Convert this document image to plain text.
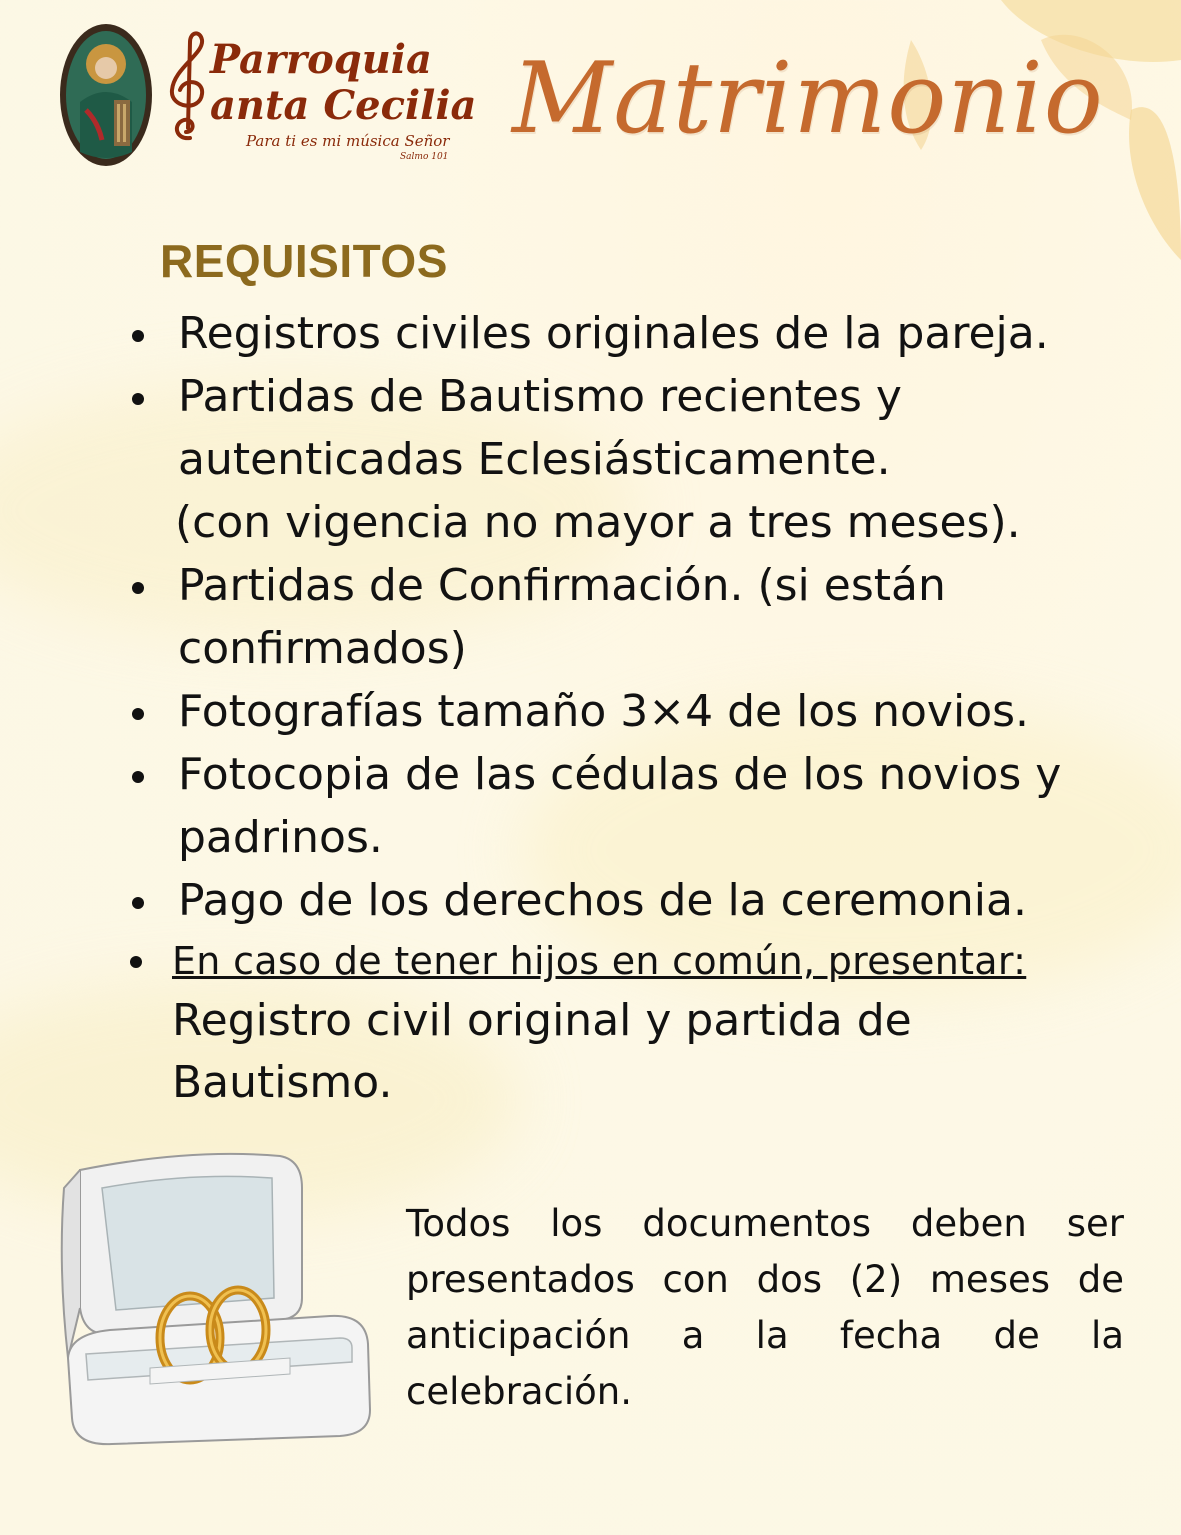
Parroquia
anta Cecilia
Para ti es mi música Señor
Salmo 101
Matrimonio
REQUISITOS
Registros civiles originales de la pareja.
Partidas de Bautismo recientes y
autenticadas Eclesiásticamente.
(con vigencia no mayor a tres meses).
Partidas de Confirmación. (si están
confirmados)
Fotografías tamaño 3×4 de los novios.
Fotocopia de las cédulas de los novios y
padrinos.
Pago de los derechos de la ceremonia.
En caso de tener hijos en común, presentar:
Registro civil original y partida de
Bautismo.
Todos los documentos deben ser presentados con dos (2) meses de anticipación a la fecha de la celebración.
